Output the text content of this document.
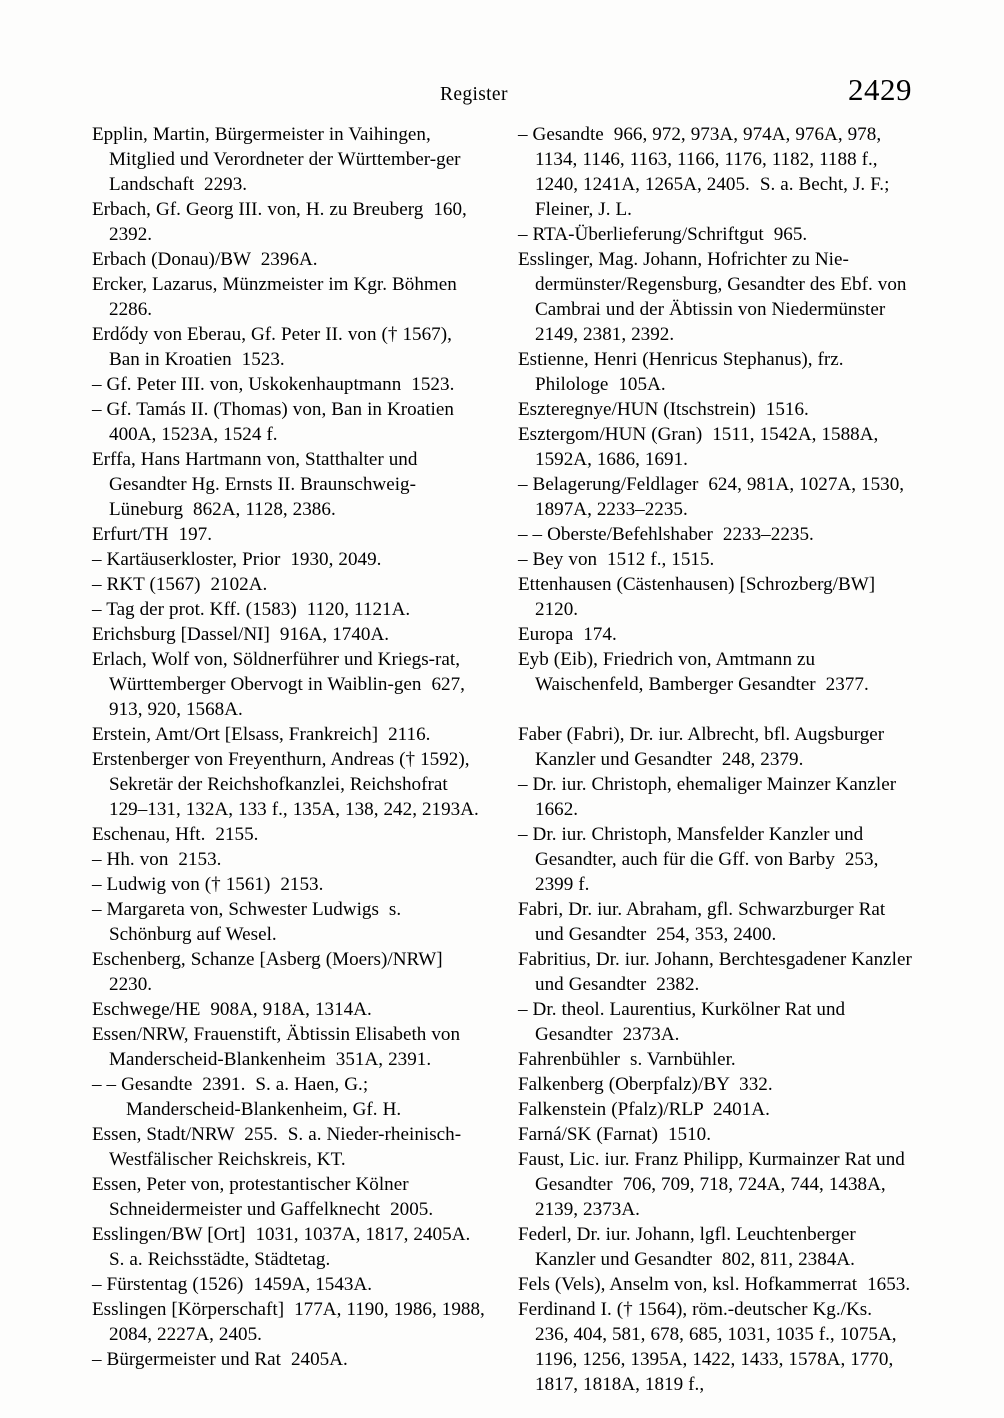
Register	2429

Epplin, Martin, Bürgermeister in Vaihingen, Mitglied und Verordneter der Württember-​ger Landschaft  2293.

Erbach, Gf. Georg III. von, H. zu Breuberg  160, 2392.

Erbach (Donau)/BW  2396A.

Ercker, Lazarus, Münzmeister im Kgr. Böhmen  2286.

Erdődy von Eberau, Gf. Peter II. von († 1567), Ban in Kroatien  1523.

– Gf. Peter III. von, Uskokenhauptmann  1523.

– Gf. Tamás II. (Thomas) von, Ban in Kroatien  400A, 1523A, 1524 f.

Erffa, Hans Hartmann von, Statthalter und Gesandter Hg. Ernsts II. Braunschweig-Lüneburg  862A, 1128, 2386.

Erfurt/TH  197.

– Kartäuserkloster, Prior  1930, 2049.

– RKT (1567)  2102A.

– Tag der prot. Kff. (1583)  1120, 1121A.

Erichsburg [Dassel/NI]  916A, 1740A.

Erlach, Wolf von, Söldnerführer und Kriegs-​rat, Württemberger Obervogt in Waiblin-​gen  627, 913, 920, 1568A.

Erstein, Amt/Ort [Elsass, Frankreich]  2116.

Erstenberger von Freyenthurn, Andreas († 1592), Sekretär der Reichshofkanzlei, Reichshofrat  129–131, 132A, 133 f., 135A, 138, 242, 2193A.

Eschenau, Hft.  2155.

– Hh. von  2153.

– Ludwig von († 1561)  2153.

– Margareta von, Schwester Ludwigs  s. Schönburg auf Wesel.

Eschenberg, Schanze [Asberg (Moers)/NRW]  2230.

Eschwege/HE  908A, 918A, 1314A.

Essen/NRW, Frauenstift, Äbtissin Elisabeth von Manderscheid-Blankenheim  351A, 2391.

– – Gesandte  2391.  S. a. Haen, G.; Manderscheid-Blankenheim, Gf. H.

Essen, Stadt/NRW  255.  S. a. Nieder-​rheinisch-Westfälischer Reichskreis, KT.

Essen, Peter von, protestantischer Kölner Schneidermeister und Gaffelknecht  2005.

Esslingen/BW [Ort]  1031, 1037A, 1817, 2405A.  S. a. Reichsstädte, Städtetag.

– Fürstentag (1526)  1459A, 1543A.

Esslingen [Körperschaft]  177A, 1190, 1986, 1988, 2084, 2227A, 2405.

– Bürgermeister und Rat  2405A.

– Gesandte  966, 972, 973A, 974A, 976A, 978, 1134, 1146, 1163, 1166, 1176, 1182, 1188 f., 1240, 1241A, 1265A, 2405.  S. a. Becht, J. F.; Fleiner, J. L.

– RTA-Überlieferung/Schriftgut  965.

Esslinger, Mag. Johann, Hofrichter zu Nie-​dermünster/Regensburg, Gesandter des Ebf. von Cambrai und der Äbtissin von Niedermünster  2149, 2381, 2392.

Estienne, Henri (Henricus Stephanus), frz. Philologe  105A.

Eszteregnye/HUN (Itschstrein)  1516.

Esztergom/HUN (Gran)  1511, 1542A, 1588A, 1592A, 1686, 1691.

– Belagerung/Feldlager  624, 981A, 1027A, 1530, 1897A, 2233–2235.

– – Oberste/Befehlshaber  2233–2235.

– Bey von  1512 f., 1515.

Ettenhausen (Cästenhausen) [Schrozberg/BW]  2120.

Europa  174.

Eyb (Eib), Friedrich von, Amtmann zu Waischenfeld, Bamberger Gesandter  2377.

Faber (Fabri), Dr. iur. Albrecht, bfl. Augsburger Kanzler und Gesandter  248, 2379.

– Dr. iur. Christoph, ehemaliger Mainzer Kanzler  1662.

– Dr. iur. Christoph, Mansfelder Kanzler und Gesandter, auch für die Gff. von Barby  253, 2399 f.

Fabri, Dr. iur. Abraham, gfl. Schwarzburger Rat und Gesandter  254, 353, 2400.

Fabritius, Dr. iur. Johann, Berchtesgadener Kanzler und Gesandter  2382.

– Dr. theol. Laurentius, Kurkölner Rat und Gesandter  2373A.

Fahrenbühler  s. Varnbühler.

Falkenberg (Oberpfalz)/BY  332.

Falkenstein (Pfalz)/RLP  2401A.

Farná/SK (Farnat)  1510.

Faust, Lic. iur. Franz Philipp, Kurmainzer Rat und Gesandter  706, 709, 718, 724A, 744, 1438A, 2139, 2373A.

Federl, Dr. iur. Johann, lgfl. Leuchtenberger Kanzler und Gesandter  802, 811, 2384A.

Fels (Vels), Anselm von, ksl. Hofkammerrat  1653.

Ferdinand I. († 1564), röm.-deutscher Kg./Ks.  236, 404, 581, 678, 685, 1031, 1035 f., 1075A, 1196, 1256, 1395A, 1422, 1433, 1578A, 1770, 1817, 1818A, 1819 f.,
